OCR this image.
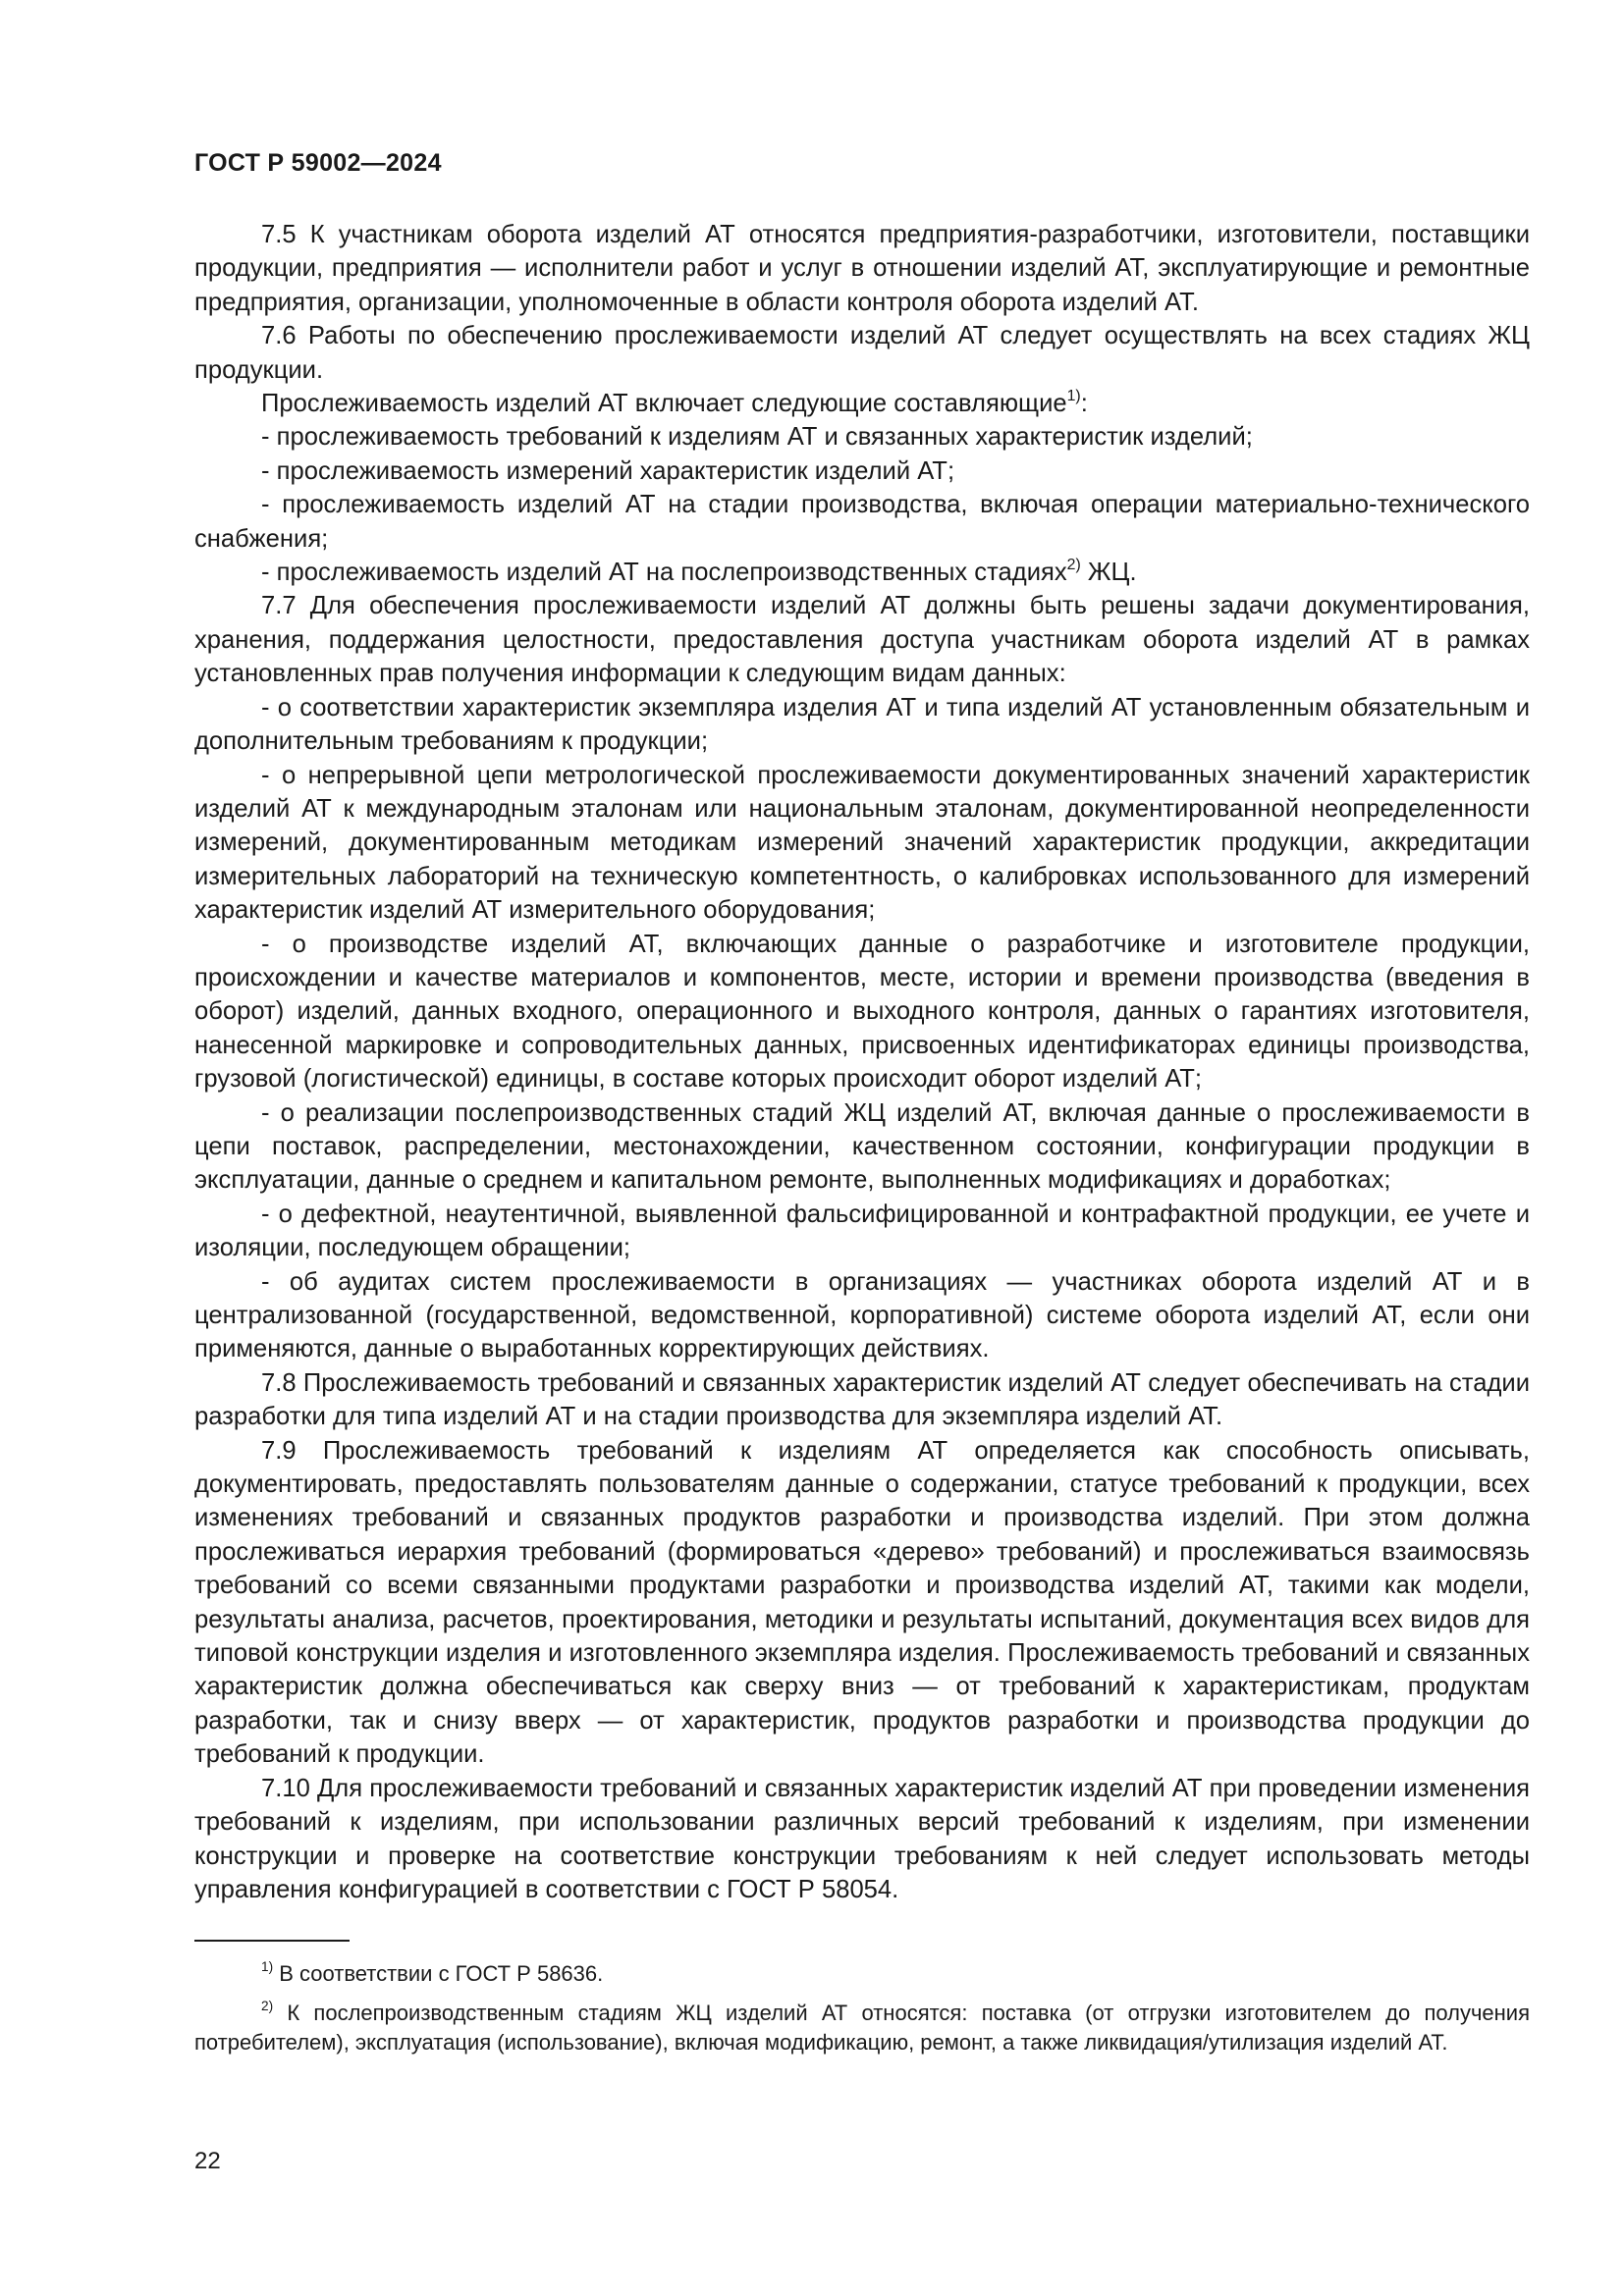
ГОСТ Р 59002—2024

7.5 К участникам оборота изделий АТ относятся предприятия-разработчики, изготовители, поставщики продукции, предприятия — исполнители работ и услуг в отношении изделий АТ, эксплуатирующие и ремонтные предприятия, организации, уполномоченные в области контроля оборота изделий АТ.

7.6 Работы по обеспечению прослеживаемости изделий АТ следует осуществлять на всех стадиях ЖЦ продукции.

Прослеживаемость изделий АТ включает следующие составляющие$^{1)}$:

- прослеживаемость требований к изделиям АТ и связанных характеристик изделий;

- прослеживаемость измерений характеристик изделий АТ;

- прослеживаемость изделий АТ на стадии производства, включая операции материально-технического снабжения;

- прослеживаемость изделий АТ на послепроизводственных стадиях$^{2)}$ ЖЦ.

7.7 Для обеспечения прослеживаемости изделий АТ должны быть решены задачи документирования, хранения, поддержания целостности, предоставления доступа участникам оборота изделий АТ в рамках установленных прав получения информации к следующим видам данных:

- о соответствии характеристик экземпляра изделия АТ и типа изделий АТ установленным обязательным и дополнительным требованиям к продукции;

- о непрерывной цепи метрологической прослеживаемости документированных значений характеристик изделий АТ к международным эталонам или национальным эталонам, документированной неопределенности измерений, документированным методикам измерений значений характеристик продукции, аккредитации измерительных лабораторий на техническую компетентность, о калибровках использованного для измерений характеристик изделий АТ измерительного оборудования;

- о производстве изделий АТ, включающих данные о разработчике и изготовителе продукции, происхождении и качестве материалов и компонентов, месте, истории и времени производства (введения в оборот) изделий, данных входного, операционного и выходного контроля, данных о гарантиях изготовителя, нанесенной маркировке и сопроводительных данных, присвоенных идентификаторах единицы производства, грузовой (логистической) единицы, в составе которых происходит оборот изделий АТ;

- о реализации послепроизводственных стадий ЖЦ изделий АТ, включая данные о прослеживаемости в цепи поставок, распределении, местонахождении, качественном состоянии, конфигурации продукции в эксплуатации, данные о среднем и капитальном ремонте, выполненных модификациях и доработках;

- о дефектной, неаутентичной, выявленной фальсифицированной и контрафактной продукции, ее учете и изоляции, последующем обращении;

- об аудитах систем прослеживаемости в организациях — участниках оборота изделий АТ и в централизованной (государственной, ведомственной, корпоративной) системе оборота изделий АТ, если они применяются, данные о выработанных корректирующих действиях.

7.8 Прослеживаемость требований и связанных характеристик изделий АТ следует обеспечивать на стадии разработки для типа изделий АТ и на стадии производства для экземпляра изделий АТ.

7.9 Прослеживаемость требований к изделиям АТ определяется как способность описывать, документировать, предоставлять пользователям данные о содержании, статусе требований к продукции, всех изменениях требований и связанных продуктов разработки и производства изделий. При этом должна прослеживаться иерархия требований (формироваться «дерево» требований) и прослеживаться взаимосвязь требований со всеми связанными продуктами разработки и производства изделий АТ, такими как модели, результаты анализа, расчетов, проектирования, методики и результаты испытаний, документация всех видов для типовой конструкции изделия и изготовленного экземпляра изделия. Прослеживаемость требований и связанных характеристик должна обеспечиваться как сверху вниз — от требований к характеристикам, продуктам разработки, так и снизу вверх — от характеристик, продуктов разработки и производства продукции до требований к продукции.

7.10 Для прослеживаемости требований и связанных характеристик изделий АТ при проведении изменения требований к изделиям, при использовании различных версий требований к изделиям, при изменении конструкции и проверке на соответствие конструкции требованиям к ней следует использовать методы управления конфигурацией в соответствии с ГОСТ Р 58054.

$^{1)}$ В соответствии с ГОСТ Р 58636.

$^{2)}$ К послепроизводственным стадиям ЖЦ изделий АТ относятся: поставка (от отгрузки изготовителем до получения потребителем), эксплуатация (использование), включая модификацию, ремонт, а также ликвидация/утилизация изделий АТ.

22
